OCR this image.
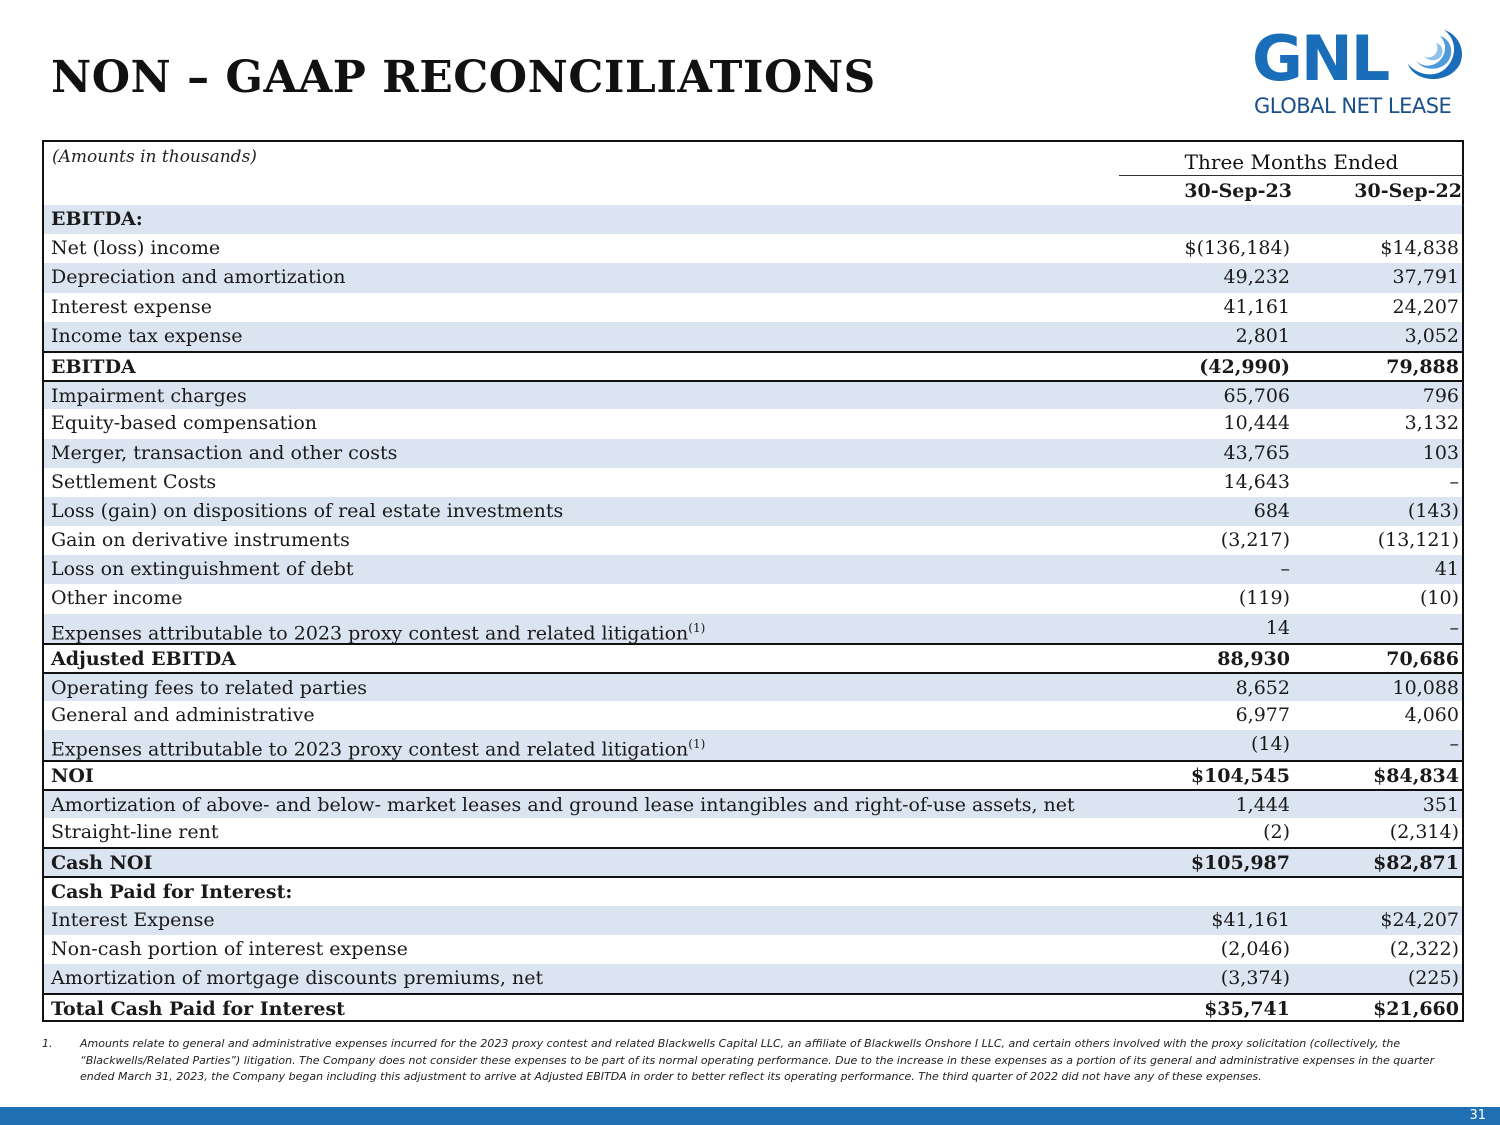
NON – GAAP RECONCILIATIONS	GNL
GLOBAL NET LEASE
(Amounts in thousands)	Three Months Ended
30-Sep-23	30-Sep-22
EBITDA:
Net (loss) income	$(136,184)	$14,838
Depreciation and amortization	49,232	37,791
Interest expense	41,161	24,207
Income tax expense	2,801	3,052
EBITDA	(42,990)	79,888
Impairment charges	65,706	796
Equity-based compensation	10,444	3,132
Merger, transaction and other costs	43,765	103
Settlement Costs	14,643	–
Loss (gain) on dispositions of real estate investments	684	(143)
Gain on derivative instruments	(3,217)	(13,121)
Loss on extinguishment of debt	–	41
Other income	(119)	(10)
Expenses attributable to 2023 proxy contest and related litigation$^{(1)}$	14	–
Adjusted EBITDA	88,930	70,686
Operating fees to related parties	8,652	10,088
General and administrative	6,977	4,060
Expenses attributable to 2023 proxy contest and related litigation$^{(1)}$	(14)	–
NOI	$104,545	$84,834
Amortization of above- and below- market leases and ground lease intangibles and right-of-use assets, net	1,444	351
Straight-line rent	(2)	(2,314)
Cash NOI	$105,987	$82,871
Cash Paid for Interest:
Interest Expense	$41,161	$24,207
Non-cash portion of interest expense	(2,046)	(2,322)
Amortization of mortgage discounts premiums, net	(3,374)	(225)
Total Cash Paid for Interest	$35,741	$21,660
1.	Amounts relate to general and administrative expenses incurred for the 2023 proxy contest and related Blackwells Capital LLC, an affiliate of Blackwells Onshore I LLC, and certain others involved with the proxy solicitation (collectively, the “Blackwells/Related Parties”) litigation. The Company does not consider these expenses to be part of its normal operating performance. Due to the increase in these expenses as a portion of its general and administrative expenses in the quarter ended March 31, 2023, the Company began including this adjustment to arrive at Adjusted EBITDA in order to better reflect its operating performance. The third quarter of 2022 did not have any of these expenses.
31
